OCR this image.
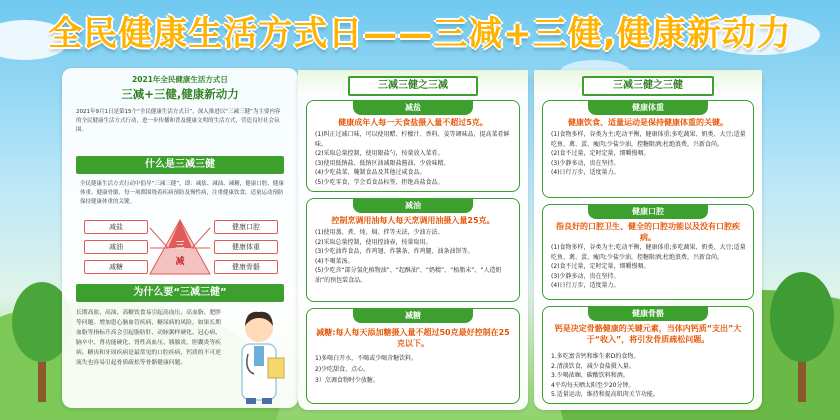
全民健康生活方式日——三减+三健,健康新动力
2021年全民健康生活方式日
三减+三健,健康新动力
2021年9月1日是第15个“全民健康生活方式日”，深入推进以“三减三健”为主要内容的全民健康生活方式行动，进一步传播和普及健康文明的生活方式，营造良好社会氛围。
什么是三减三健
全民健康生活方式行动中倡导“三减三健”，即：减盐、减油、减糖，健康口腔、健康体重、健康骨骼，每一项都围绕着疾病预防及慢性病，注重健康饮食，适量运动预防保持健康体重的关键。
减盐
减油
减糖
三
减
健康口腔
健康体重
健康骨骼
为什么要“三减三健”
长期高盐、高油、高糖饮食易引起高血压、高血脂、肥胖等问题。增加患心脑血管疾病、糖尿病的风险，如果长期血脂等指标升高会引起脂肪肝、动脉粥样硬化、冠心病、脑卒中、肾功能硬化、肾性高血压、胰腺炎、胆囊炎等疾病。糖齿和牙周疾病是最常见的口腔疾病，钙质的不可逆流失也容易引起骨质疏松等骨骼健康问题。
三减三健之三减
减盐
健康成年人每一天食盐摄入量不超过5克。
(1)纠正过减口味，可以使用醋、柠檬汁、香料、姜等调味品，提高菜肴鲜味。
(2)采取总量控制，使用限盐勺，按量放入菜肴。
(3)使用低钠盐、低钠区油减限盐酱油，少放味精。
(4)少吃盐菜、腌制食品及其他过咸食品。
(5)少吃零食，学会看食品标签，拒绝高盐食品。
减油
控制烹调用油每人每天烹调用油摄入量25克。
(1)使用蒸、煮、炖、焖、拌等天法，少油方法。
(2)采取总量控制，使用控油壶，按量取用。
(3)少吃油炸食品，炸鸡翅、炸薯条、炸鸡腿、油条油饼等。
(4)不喝菜汤。
(5)少吃含“部分氢化植物油”、“起酥油”、“奶精”、“植脂末”、“人造奶油”的预包装食品。
减糖
减糖:每人每天添加糖摄入量不超过50克最好控制在25克以下。
1)多喝白开水，不喝或少喝含糖饮料。
2)少吃甜食、点心。
3）烹调食物时少放糖。
三减三健之三健
健康体重
健康饮食、适量运动是保持健康体重的关键。
(1)食物多样，谷类为主;吃动平衡，健康体重;多吃蔬果、奶类、大豆;适量吃鱼、禽、蛋、瘦肉;少盐少油，控糖限酒;杜绝浪费，兴新食尚。
(2)食不过量，定时定量，细嚼慢咽。
(3)少静多动，贵在坚持。
(4)日行万步，适度量力。
健康口腔
指良好的口腔卫生、健全的口腔功能以及没有口腔疾病。
(1)食物多样，谷类为主;吃动平衡，健康体重;多吃蔬果、奶类、大豆;适量吃鱼、禽、蛋、瘦肉;少盐少油，控糖限酒;杜绝浪费，兴新食尚。
(2)食不过量，定时定量，细嚼慢咽。
(3)少静多动，贵在坚持。
(4)日行万步，适度量力。
健康骨骼
钙是决定骨骼健康的关键元素，当体内钙质“支出”大于“收入”，将引发骨质疏松问题。
1.多吃富含钙和维生素D的食物。
2.清淡饮食，减少食盐摄入量。
3.少喝浓咖、碳酸饮料和酒。
4平均每天晒太阳至少20分钟。
5.适量运动，维持和提高肌肉关节功能。
